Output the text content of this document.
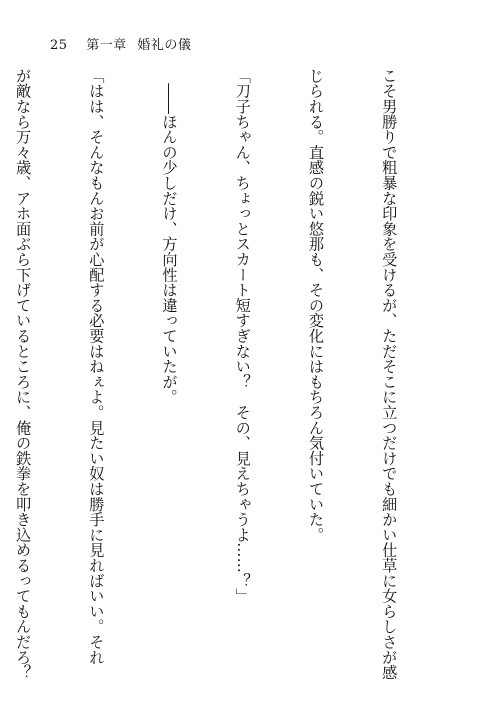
25 第一章 婚礼の儀

こそ男勝りで粗暴な印象を受けるが、ただそこに立つだけでも細かい仕草に女らしさが感

じられる。直感の鋭い悠那も、その変化にはもちろん気付いていた。

「刀子ちゃん、ちょっとスカート短すぎない？　その、見えちゃうよ……？」

　――ほんの少しだけ、方向性は違っていたが。

「はは、そんなもんお前が心配する必要はねぇよ。見たい奴は勝手に見ればいい。それ

が敵なら万々歳、アホ面ぶら下げているところに、俺の鉄拳を叩き込めるってもんだろ？
